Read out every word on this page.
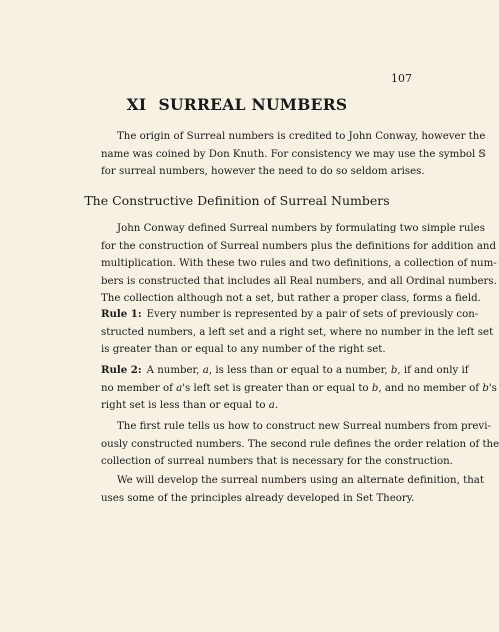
107
XI SURREAL NUMBERS
The origin of Surreal numbers is credited to John Conway, however the
name was coined by Don Knuth. For consistency we may use the symbol 𝕊
for surreal numbers, however the need to do so seldom arises.
The Constructive Definition of Surreal Numbers
John Conway defined Surreal numbers by formulating two simple rules
for the construction of Surreal numbers plus the definitions for addition and
multiplication. With these two rules and two definitions, a collection of num-
bers is constructed that includes all Real numbers, and all Ordinal numbers.
The collection although not a set, but rather a proper class, forms a field.
Rule 1: Every number is represented by a pair of sets of previously con-
structed numbers, a left set and a right set, where no number in the left set
is greater than or equal to any number of the right set.
Rule 2: A number, a, is less than or equal to a number, b, if and only if
no member of a's left set is greater than or equal to b, and no member of b's
right set is less than or equal to a.
The first rule tells us how to construct new Surreal numbers from previ-
ously constructed numbers. The second rule defines the order relation of the
collection of surreal numbers that is necessary for the construction.
We will develop the surreal numbers using an alternate definition, that
uses some of the principles already developed in Set Theory.
